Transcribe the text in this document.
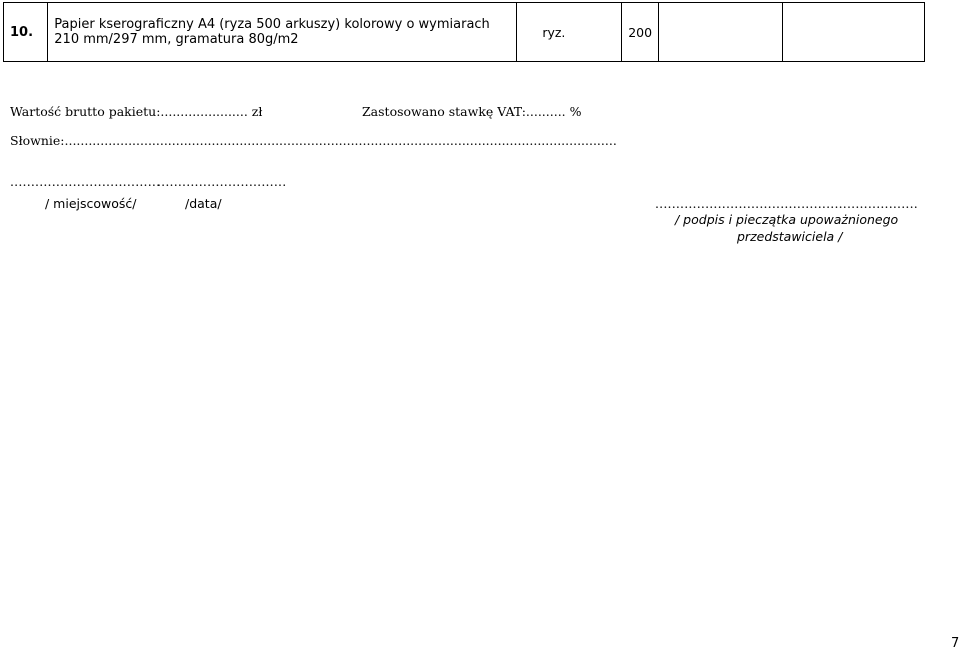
10.	Papier kserograficzny A4 (ryza 500 arkuszy) kolorowy o wymiarach 210 mm/297 mm, gramatura 80g/m2	ryz.	200		
Wartość brutto pakietu:...................... zł	Zastosowano stawkę VAT:.......... %
Słownie:...........................................................................................................................................
....................................
...............................
/ miejscowość/	/data/	...............................................................
/ podpis i pieczątka upoważnionego
przedstawiciela /
7
